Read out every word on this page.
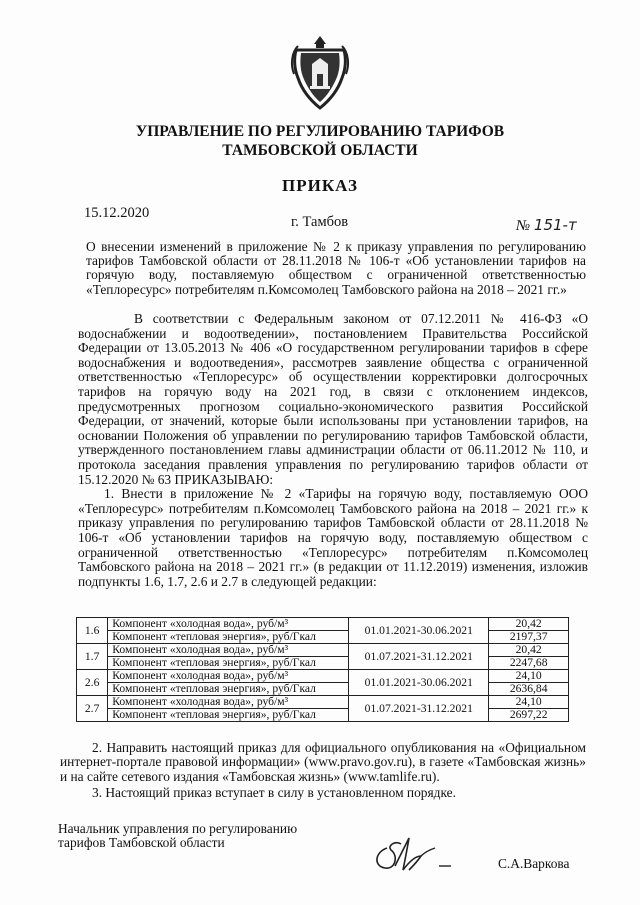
УПРАВЛЕНИЕ ПО РЕГУЛИРОВАНИЮ ТАРИФОВ
ТАМБОВСКОЙ ОБЛАСТИ
ПРИКАЗ
15.12.2020
г. Тамбов	№ 151-т
О внесении изменений в приложение № 2 к приказу управления по регулированию тарифов Тамбовской области от 28.11.2018 № 106-т «Об установлении тарифов на горячую воду, поставляемую обществом с ограниченной ответственностью «Теплоресурс» потребителям п.Комсомолец Тамбовского района на 2018 – 2021 гг.»

В соответствии с Федеральным законом от 07.12.2011 № 416-ФЗ «О водоснабжении и водоотведении», постановлением Правительства Российской Федерации от 13.05.2013 № 406 «О государственном регулировании тарифов в сфере водоснабжения и водоотведения», рассмотрев заявление общества с ограниченной ответственностью «Теплоресурс» об осуществлении корректировки долгосрочных тарифов на горячую воду на 2021 год, в связи с отклонением индексов, предусмотренных прогнозом социально-экономического развития Российской Федерации, от значений, которые были использованы при установлении тарифов, на основании Положения об управлении по регулированию тарифов Тамбовской области, утвержденного постановлением главы администрации области от 06.11.2012 № 110, и протокола заседания правления управления по регулированию тарифов области от 15.12.2020 № 63 ПРИКАЗЫВАЮ:

1. Внести в приложение № 2 «Тарифы на горячую воду, поставляемую ООО «Теплоресурс» потребителям п.Комсомолец Тамбовского района на 2018 – 2021 гг.» к приказу управления по регулированию тарифов Тамбовской области от 28.11.2018 № 106-т «Об установлении тарифов на горячую воду, поставляемую обществом с ограниченной ответственностью «Теплоресурс» потребителям п.Комсомолец Тамбовского района на 2018 – 2021 гг.» (в редакции от 11.12.2019) изменения, изложив подпункты 1.6, 1.7, 2.6 и 2.7 в следующей редакции:

1.6	Компонент «холодная вода», руб/м³	01.01.2021-30.06.2021	20,42
	Компонент «тепловая энергия», руб/Гкал		2197,37
1.7	Компонент «холодная вода», руб/м³	01.07.2021-31.12.2021	20,42
	Компонент «тепловая энергия», руб/Гкал		2247,68
2.6	Компонент «холодная вода», руб/м³	01.01.2021-30.06.2021	24,10
	Компонент «тепловая энергия», руб/Гкал		2636,84
2.7	Компонент «холодная вода», руб/м³	01.07.2021-31.12.2021	24,10
	Компонент «тепловая энергия», руб/Гкал		2697,22

2. Направить настоящий приказ для официального опубликования на «Официальном интернет-портале правовой информации» (www.pravo.gov.ru), в газете «Тамбовская жизнь» и на сайте сетевого издания «Тамбовская жизнь» (www.tamlife.ru).

3. Настоящий приказ вступает в силу в установленном порядке.

Начальник управления по регулированию
тарифов Тамбовской области
С.А.Варкова
